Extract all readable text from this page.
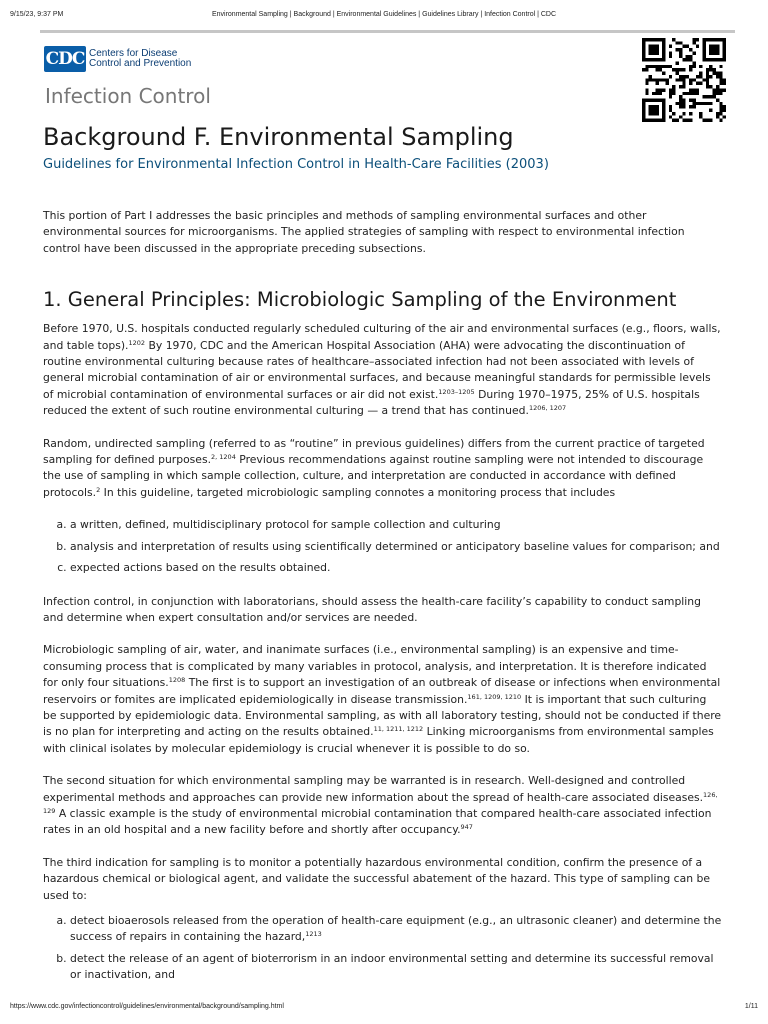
9/15/23, 9:37 PM	Environmental Sampling | Background | Environmental Guidelines | Guidelines Library | Infection Control | CDC
CDC Centers for Disease
Control and Prevention
Infection Control
Background F. Environmental Sampling
Guidelines for Environmental Infection Control in Health-Care Facilities (2003)

This portion of Part I addresses the basic principles and methods of sampling environmental surfaces and other environmental sources for microorganisms. The applied strategies of sampling with respect to environmental infection control have been discussed in the appropriate preceding subsections.

1. General Principles: Microbiologic Sampling of the Environment

Before 1970, U.S. hospitals conducted regularly scheduled culturing of the air and environmental surfaces (e.g., floors, walls, and table tops).$^{1202}$ By 1970, CDC and the American Hospital Association (AHA) were advocating the discontinuation of routine environmental culturing because rates of healthcare–associated infection had not been associated with levels of general microbial contamination of air or environmental surfaces, and because meaningful standards for permissible levels of microbial contamination of environmental surfaces or air did not exist.$^{1203-1205}$ During 1970–1975, 25% of U.S. hospitals reduced the extent of such routine environmental culturing — a trend that has continued.$^{1206, 1207}$

Random, undirected sampling (referred to as “routine” in previous guidelines) differs from the current practice of targeted sampling for defined purposes.$^{2, 1204}$ Previous recommendations against routine sampling were not intended to discourage the use of sampling in which sample collection, culture, and interpretation are conducted in accordance with defined protocols.$^2$ In this guideline, targeted microbiologic sampling connotes a monitoring process that includes

a. a written, defined, multidisciplinary protocol for sample collection and culturing
b. analysis and interpretation of results using scientifically determined or anticipatory baseline values for comparison; and
c. expected actions based on the results obtained.

Infection control, in conjunction with laboratorians, should assess the health-care facility’s capability to conduct sampling and determine when expert consultation and/or services are needed.

Microbiologic sampling of air, water, and inanimate surfaces (i.e., environmental sampling) is an expensive and time-consuming process that is complicated by many variables in protocol, analysis, and interpretation. It is therefore indicated for only four situations.$^{1208}$ The first is to support an investigation of an outbreak of disease or infections when environmental reservoirs or fomites are implicated epidemiologically in disease transmission.$^{161, 1209, 1210}$ It is important that such culturing be supported by epidemiologic data. Environmental sampling, as with all laboratory testing, should not be conducted if there is no plan for interpreting and acting on the results obtained.$^{11, 1211, 1212}$ Linking microorganisms from environmental samples with clinical isolates by molecular epidemiology is crucial whenever it is possible to do so.

The second situation for which environmental sampling may be warranted is in research. Well-designed and controlled experimental methods and approaches can provide new information about the spread of health-care associated diseases.$^{126, 129}$ A classic example is the study of environmental microbial contamination that compared health-care associated infection rates in an old hospital and a new facility before and shortly after occupancy.$^{947}$

The third indication for sampling is to monitor a potentially hazardous environmental condition, confirm the presence of a hazardous chemical or biological agent, and validate the successful abatement of the hazard. This type of sampling can be used to:

a. detect bioaerosols released from the operation of health-care equipment (e.g., an ultrasonic cleaner) and determine the success of repairs in containing the hazard,$^{1213}$
b. detect the release of an agent of bioterrorism in an indoor environmental setting and determine its successful removal or inactivation, and
https://www.cdc.gov/infectioncontrol/guidelines/environmental/background/sampling.html	1/11
